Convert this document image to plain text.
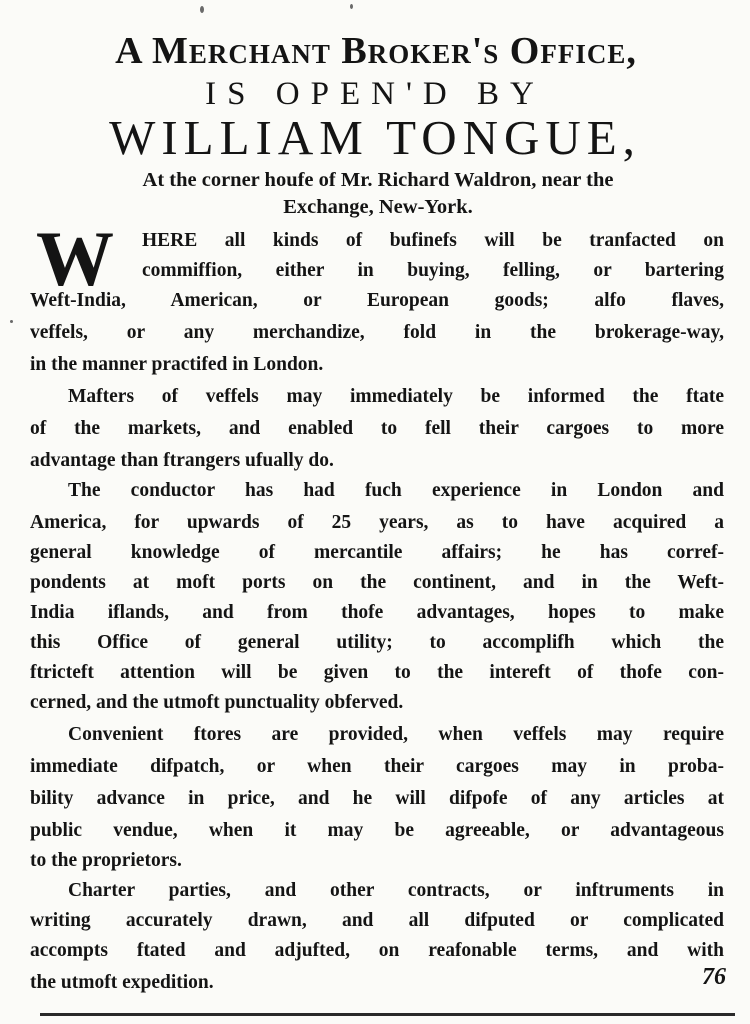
A Merchant Broker's Office,
IS OPEN'D BY
WILLIAM TONGUE,
At the corner houfe of Mr. Richard Waldron, near the
Exchange, New-York.
W HERE all kinds of bufinefs will be tranfacted on
commiffion, either in buying, felling, or bartering
Weft-India, American, or European goods; alfo flaves,
veffels, or any merchandize, fold in the brokerage-way,
in the manner practifed in London.
Mafters of veffels may immediately be informed the ftate
of the markets, and enabled to fell their cargoes to more
advantage than ftrangers ufually do.
The conductor has had fuch experience in London and
America, for upwards of 25 years, as to have acquired a
general knowledge of mercantile affairs; he has corref-
pondents at moft ports on the continent, and in the Weft-
India iflands, and from thofe advantages, hopes to make
this Office of general utility; to accomplifh which the
ftricteft attention will be given to the intereft of thofe con-
cerned, and the utmoft punctuality obferved.
Convenient ftores are provided, when veffels may require
immediate difpatch, or when their cargoes may in proba-
bility advance in price, and he will difpofe of any articles at
public vendue, when it may be agreeable, or advantageous
to the proprietors.
Charter parties, and other contracts, or inftruments in
writing accurately drawn, and all difputed or complicated
accompts ftated and adjufted, on reafonable terms, and with
the utmoft expedition.	76
